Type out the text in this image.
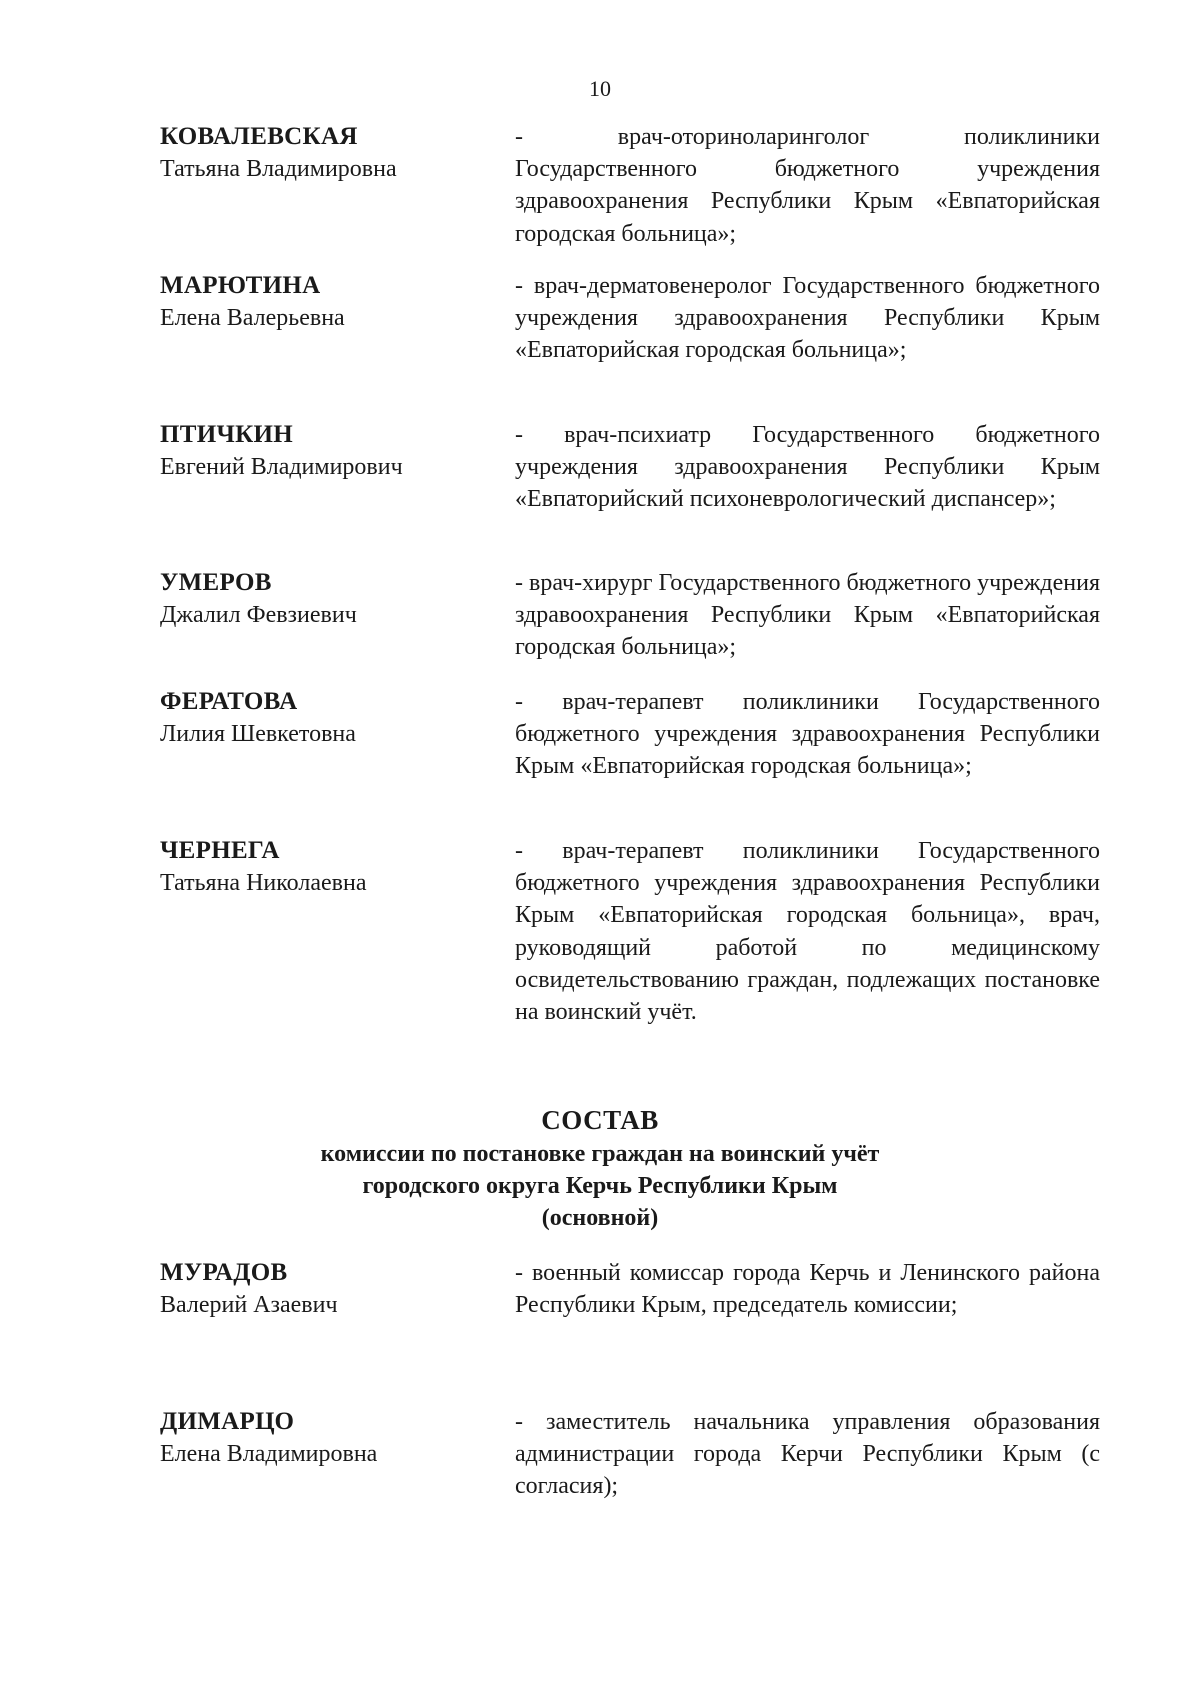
10
КОВАЛЕВСКАЯ
Татьяна Владимировна
- врач-оториноларинголог поликлиники Государственного бюджетного учреждения здравоохранения Республики Крым «Евпаторийская городская больница»;
МАРЮТИНА
Елена Валерьевна
- врач-дерматовенеролог Государственного бюджетного учреждения здравоохранения Республики Крым «Евпаторийская городская больница»;
ПТИЧКИН
Евгений Владимирович
- врач-психиатр Государственного бюджетного учреждения здравоохранения Республики Крым «Евпаторийский психоневрологический диспансер»;
УМЕРОВ
Джалил Февзиевич
- врач-хирург Государственного бюджетного учреждения здравоохранения Республики Крым «Евпаторийская городская больница»;
ФЕРАТОВА
Лилия Шевкетовна
- врач-терапевт поликлиники Государственного бюджетного учреждения здравоохранения Республики Крым «Евпаторийская городская больница»;
ЧЕРНЕГА
Татьяна Николаевна
- врач-терапевт поликлиники Государственного бюджетного учреждения здравоохранения Республики Крым «Евпаторийская городская больница», врач, руководящий работой по медицинскому освидетельствованию граждан, подлежащих постановке на воинский учёт.
СОСТАВ
комиссии по постановке граждан на воинский учёт
городского округа Керчь Республики Крым
(основной)
МУРАДОВ
Валерий Азаевич
- военный комиссар города Керчь и Ленинского района Республики Крым, председатель комиссии;
ДИМАРЦО
Елена Владимировна
- заместитель начальника управления образования администрации города Керчи Республики Крым (с согласия);
